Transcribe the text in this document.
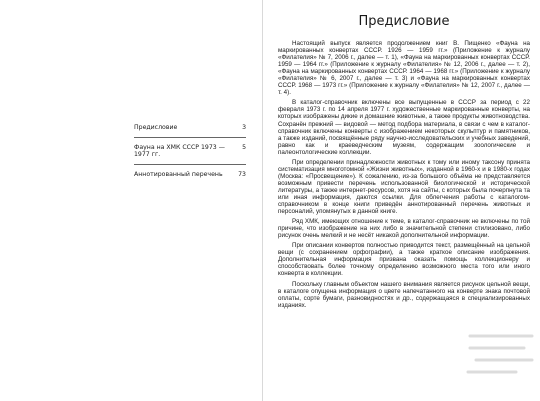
Предисловие	3
Фауна на ХМК СССР 1973 — 1977 гг.
5
Аннотированный перечень	73
Предисловие

Настоящий выпуск является продолжением книг В. Пищенко «Фауна на маркированных конвертах СССР. 1926 — 1959 гг.» (Приложение к журналу «Филателия» № 7, 2006 г., далее — т. 1), «Фауна на маркированных конвертах СССР. 1959 — 1964 гг.» (Приложение к журналу «Филателия» № 12, 2006 г., далее — т. 2), «Фауна на маркированных конвертах СССР. 1964 — 1968 гг.» (Приложение к журналу «Филателия» № 6, 2007 г., далее — т. 3) и «Фауна на маркированных конвертах СССР. 1968 — 1973 гг.» (Приложение к журналу «Филателия» № 12, 2007 г., далее — т. 4).

В каталог-справочник включены все выпущенные в СССР за период с 22 февраля 1973 г. по 14 апреля 1977 г. художественные маркированные конверты, на которых изображены дикие и домашние животные, а также продукты животноводства. Сохранён прежний — видовой — метод подбора материала, в связи с чем в каталог-справочник включены конверты с изображением некоторых скульптур и памятников, а также изданий, посвящённые ряду научно-исследовательских и учебных заведений, равно как и краеведческим музеям, содержащим зоологические и палеонтологические коллекции.

При определении принадлежности животных к тому или иному таксону принята систематизация многотомной «Жизни животных», изданной в 1960-х и в 1980-х годах (Москва: «Просвещение»). К сожалению, из-за большого объёма не представляется возможным привести перечень использованной биологической и исторической литературы, а также интернет-ресурсов, хотя на сайты, с которых была почерпнута та или иная информация, даются ссылки. Для облегчения работы с каталогом-справочником в конце книги приведён аннотированный перечень животных и персоналий, упомянутых в данной книге.

Ряд ХМК, имеющих отношение к теме, в каталог-справочник не включены по той причине, что изображение на них либо в значительной степени стилизовано, либо рисунок очень мелкий и не несёт никакой дополнительной информации.

При описании конвертов полностью приводится текст, размещённый на цельной вещи (с сохранением орфографии), а также краткое описание изображения. Дополнительная информация призвана оказать помощь коллекционеру и способствовать более точному определению возможного места того или иного конверта в коллекции.

Поскольку главным объектом нашего внимания является рисунок цельной вещи, в каталоге опущена информация о цвете напечатанного на конверте знака почтовой оплаты, сорте бумаги, разновидностях и др., содержащаяся в специализированных изданиях.
